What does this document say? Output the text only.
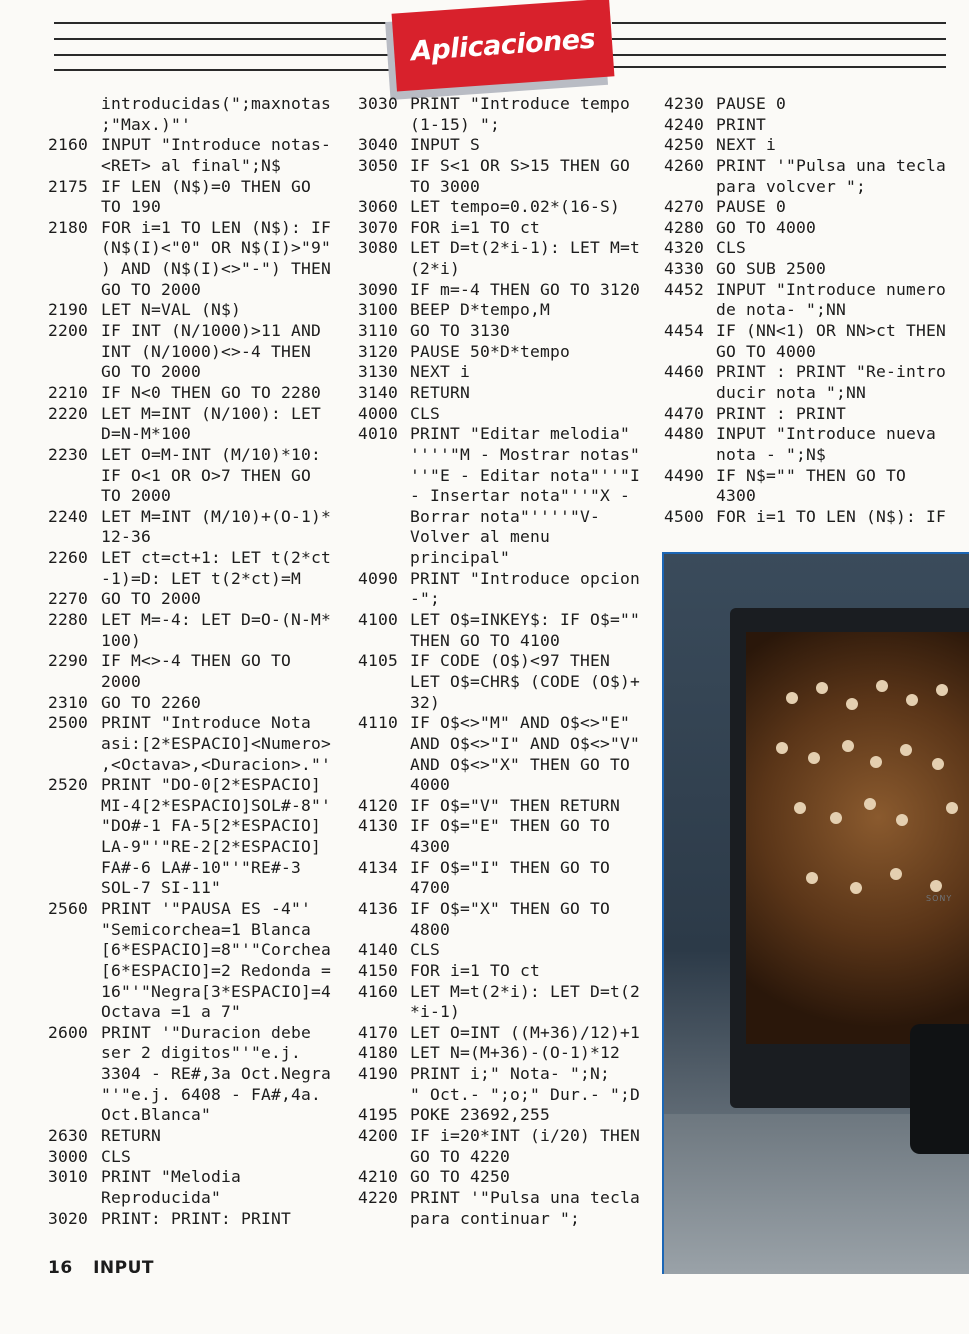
Aplicaciones
introducidas(";maxnotas
;"Max.)"'
2160 INPUT "Introduce notas-
<RET> al final";N$
2175 IF LEN (N$)=0 THEN GO
TO 190
2180 FOR i=1 TO LEN (N$): IF
(N$(I)<"0" OR N$(I)>"9"
) AND (N$(I)<>"-") THEN
GO TO 2000
2190 LET N=VAL (N$)
2200 IF INT (N/1000)>11 AND
INT (N/1000)<>-4 THEN
GO TO 2000
2210 IF N<0 THEN GO TO 2280
2220 LET M=INT (N/100): LET
D=N-M*100
2230 LET O=M-INT (M/10)*10:
IF O<1 OR O>7 THEN GO
TO 2000
2240 LET M=INT (M/10)+(O-1)*
12-36
2260 LET ct=ct+1: LET t(2*ct
-1)=D: LET t(2*ct)=M
2270 GO TO 2000
2280 LET M=-4: LET D=O-(N-M*
100)
2290 IF M<>-4 THEN GO TO
2000
2310 GO TO 2260
2500 PRINT "Introduce Nota
asi:[2*ESPACIO]<Numero>
,<Octava>,<Duracion>."'
2520 PRINT "DO-0[2*ESPACIO]
MI-4[2*ESPACIO]SOL#-8"'
"DO#-1 FA-5[2*ESPACIO]
LA-9"'"RE-2[2*ESPACIO]
FA#-6 LA#-10"'"RE#-3
SOL-7 SI-11"
2560 PRINT '"PAUSA ES -4"'
"Semicorchea=1 Blanca
[6*ESPACIO]=8"'"Corchea
[6*ESPACIO]=2 Redonda =
16"'"Negra[3*ESPACIO]=4
Octava =1 a 7"
2600 PRINT '"Duracion debe
ser 2 digitos"'"e.j.
3304 - RE#,3a Oct.Negra
"'"e.j. 6408 - FA#,4a.
Oct.Blanca"
2630 RETURN
3000 CLS
3010 PRINT "Melodia
Reproducida"
3020 PRINT: PRINT: PRINT
3030 PRINT "Introduce tempo
(1-15) ";
3040 INPUT S
3050 IF S<1 OR S>15 THEN GO
TO 3000
3060 LET tempo=0.02*(16-S)
3070 FOR i=1 TO ct
3080 LET D=t(2*i-1): LET M=t
(2*i)
3090 IF m=-4 THEN GO TO 3120
3100 BEEP D*tempo,M
3110 GO TO 3130
3120 PAUSE 50*D*tempo
3130 NEXT i
3140 RETURN
4000 CLS
4010 PRINT "Editar melodia"
''''"M - Mostrar notas"
''"E - Editar nota"''"I
- Insertar nota"''"X -
Borrar nota"''''"V-
Volver al menu
principal"
4090 PRINT "Introduce opcion
-";
4100 LET O$=INKEY$: IF O$=""
THEN GO TO 4100
4105 IF CODE (O$)<97 THEN
LET O$=CHR$ (CODE (O$)+
32)
4110 IF O$<>"M" AND O$<>"E"
AND O$<>"I" AND O$<>"V"
AND O$<>"X" THEN GO TO
4000
4120 IF O$="V" THEN RETURN
4130 IF O$="E" THEN GO TO
4300
4134 IF O$="I" THEN GO TO
4700
4136 IF O$="X" THEN GO TO
4800
4140 CLS
4150 FOR i=1 TO ct
4160 LET M=t(2*i): LET D=t(2
*i-1)
4170 LET O=INT ((M+36)/12)+1
4180 LET N=(M+36)-(O-1)*12
4190 PRINT i;" Nota- ";N;
" Oct.- ";o;" Dur.- ";D
4195 POKE 23692,255
4200 IF i=20*INT (i/20) THEN
GO TO 4220
4210 GO TO 4250
4220 PRINT '"Pulsa una tecla
para continuar ";
4230 PAUSE 0
4240 PRINT
4250 NEXT i
4260 PRINT '"Pulsa una tecla
para volcver ";
4270 PAUSE 0
4280 GO TO 4000
4320 CLS
4330 GO SUB 2500
4452 INPUT "Introduce numero
de nota- ";NN
4454 IF (NN<1) OR NN>ct THEN
GO TO 4000
4460 PRINT : PRINT "Re-intro
ducir nota ";NN
4470 PRINT : PRINT
4480 INPUT "Introduce nueva
nota - ";N$
4490 IF N$="" THEN GO TO
4300
4500 FOR i=1 TO LEN (N$): IF
SONY
16 INPUT
